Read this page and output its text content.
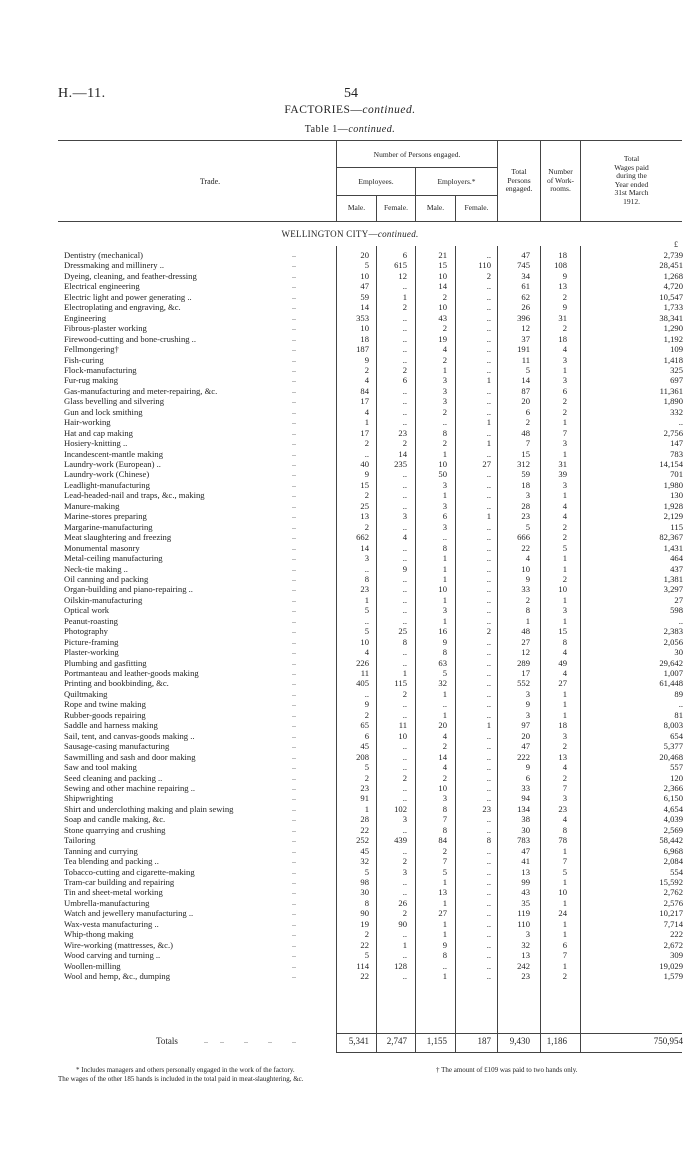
H.—11.	54
FACTORIES—continued.
Table 1—continued.
Trade.
Number of Persons engaged.
Employees.	Employers.*
Male.	Female.	Male.	Female.
Total
Persons
engaged.
Number
of Work-
rooms.
Total
Wages paid
during the
Year ended
31st March
1912.
WELLINGTON CITY—continued.
£
Dentistry (mechanical)	..	20	6	21	..	47	18	2,739
Dressmaking and millinery ..	..	5	615	15	110	745	108	28,451
Dyeing, cleaning, and feather-dressing	..	10	12	10	2	34	9	1,268
Electrical engineering	..	47	..	14	..	61	13	4,720
Electric light and power generating ..	..	59	1	2	..	62	2	10,547
Electroplating and engraving, &c.	..	14	2	10	..	26	9	1,733
Engineering	..	353	..	43	..	396	31	38,341
Fibrous-plaster working	..	10	..	2	..	12	2	1,290
Firewood-cutting and bone-crushing ..	..	18	..	19	..	37	18	1,192
Fellmongering†	..	187	..	4	..	191	4	109
Fish-curing	..	9	..	2	..	11	3	1,418
Flock-manufacturing	..	2	2	1	..	5	1	325
Fur-rug making	..	4	6	3	1	14	3	697
Gas-manufacturing and meter-repairing, &c.	..	84	..	3	..	87	6	11,361
Glass bevelling and silvering	..	17	..	3	..	20	2	1,890
Gun and lock smithing	..	4	..	2	..	6	2	332
Hair-working	..	1	..	..	1	2	1	..
Hat and cap making	..	17	23	8	..	48	7	2,756
Hosiery-knitting ..	..	2	2	2	1	7	3	147
Incandescent-mantle making	..	..	14	1	..	15	1	783
Laundry-work (European) ..	..	40	235	10	27	312	31	14,154
Laundry-work (Chinese)	..	9	..	50	..	59	39	701
Leadlight-manufacturing	..	15	..	3	..	18	3	1,980
Lead-headed-nail and traps, &c., making	..	2	..	1	..	3	1	130
Manure-making	..	25	..	3	..	28	4	1,928
Marine-stores preparing	..	13	3	6	1	23	4	2,129
Margarine-manufacturing	..	2	..	3	..	5	2	115
Meat slaughtering and freezing	..	662	4	..	..	666	2	82,367
Monumental masonry	..	14	..	8	..	22	5	1,431
Metal-ceiling manufacturing	..	3	..	1	..	4	1	464
Neck-tie making ..	..	..	9	1	..	10	1	437
Oil canning and packing	..	8	..	1	..	9	2	1,381
Organ-building and piano-repairing ..	..	23	..	10	..	33	10	3,297
Oilskin-manufacturing	..	1	..	1	..	2	1	27
Optical work	..	5	..	3	..	8	3	598
Peanut-roasting	..	..	..	1	..	1	1	..
Photography	..	5	25	16	2	48	15	2,383
Picture-framing	..	10	8	9	..	27	8	2,056
Plaster-working	..	4	..	8	..	12	4	30
Plumbing and gasfitting	..	226	..	63	..	289	49	29,642
Portmanteau and leather-goods making	..	11	1	5	..	17	4	1,007
Printing and bookbinding, &c.	..	405	115	32	..	552	27	61,448
Quiltmaking	..	..	2	1	..	3	1	89
Rope and twine making	..	9	..	..	..	9	1	..
Rubber-goods repairing	..	2	..	1	..	3	1	81
Saddle and harness making	..	65	11	20	1	97	18	8,003
Sail, tent, and canvas-goods making ..	..	6	10	4	..	20	3	654
Sausage-casing manufacturing	..	45	..	2	..	47	2	5,377
Sawmilling and sash and door making	..	208	..	14	..	222	13	20,468
Saw and tool making	..	5	..	4	..	9	4	557
Seed cleaning and packing ..	..	2	2	2	..	6	2	120
Sewing and other machine repairing ..	..	23	..	10	..	33	7	2,366
Shipwrighting	..	91	..	3	..	94	3	6,150
Shirt and underclothing making and plain sewing	..	1	102	8	23	134	23	4,654
Soap and candle making, &c.	..	28	3	7	..	38	4	4,039
Stone quarrying and crushing	..	22	..	8	..	30	8	2,569
Tailoring	..	252	439	84	8	783	78	58,442
Tanning and currying	..	45	..	2	..	47	1	6,968
Tea blending and packing ..	..	32	2	7	..	41	7	2,084
Tobacco-cutting and cigarette-making	..	5	3	5	..	13	5	554
Tram-car building and repairing	..	98	..	1	..	99	1	15,592
Tin and sheet-metal working	..	30	..	13	..	43	10	2,762
Umbrella-manufacturing	..	8	26	1	..	35	1	2,576
Watch and jewellery manufacturing ..	..	90	2	27	..	119	24	10,217
Wax-vesta manufacturing ..	..	19	90	1	..	110	1	7,714
Whip-thong making	..	2	..	1	..	3	1	222
Wire-working (mattresses, &c.)	..	22	1	9	..	32	6	2,672
Wood carving and turning ..	..	5	..	8	..	13	7	309
Woollen-milling	..	114	128	..	..	242	1	19,029
Wool and hemp, &c., dumping	..	22	..	1	..	23	2	1,579
Totals	..      ..          ..          ..          ..	5,341 2,747 1,155	187 9,430 1,186	750,954
* Includes managers and others personally engaged in the work of the factory.	† The amount of £109 was paid to two hands only.
The wages of the other 185 hands is included in the total paid in meat-slaughtering, &c.
